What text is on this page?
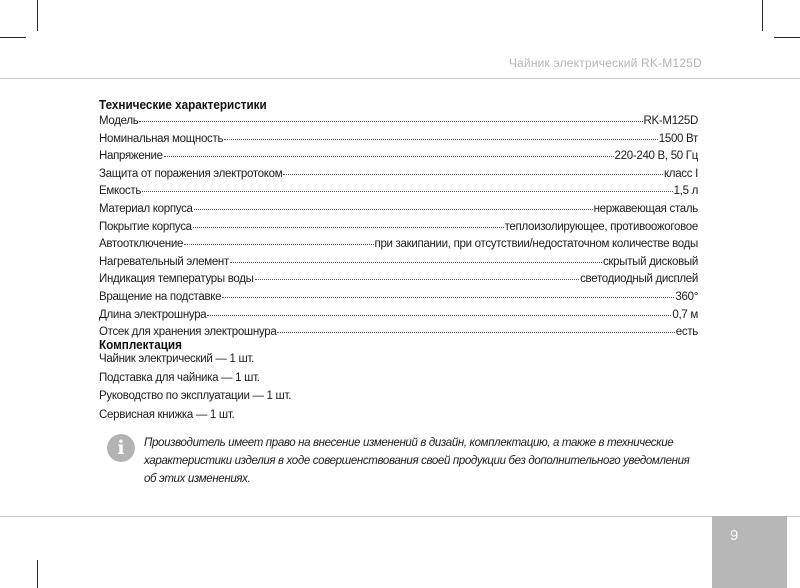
Чайник электрический RK-M125D
Технические характеристики
Модель	RK-M125D
Номинальная мощность	1500 Вт
Напряжение	220-240 В, 50 Гц
Защита от поражения электротоком	класс I
Емкость	1,5 л
Материал корпуса	нержавеющая сталь
Покрытие корпуса	теплоизолирующее, противоожоговое
Автоотключение	при закипании, при отсутствии/недостаточном количестве воды
Нагревательный элемент	скрытый дисковый
Индикация температуры воды	светодиодный дисплей
Вращение на подставке	360°
Длина электрошнура	0,7 м
Отсек для хранения электрошнура	есть
Комплектация
Чайник электрический — 1 шт.
Подставка для чайника — 1 шт.
Руководство по эксплуатации — 1 шт.
Сервисная книжка — 1 шт.
i	Производитель имеет право на внесение изменений в дизайн, комплектацию, а также в технические характеристики изделия в ходе совершенствования своей продукции без дополнительного уведомления об этих изменениях.
9
